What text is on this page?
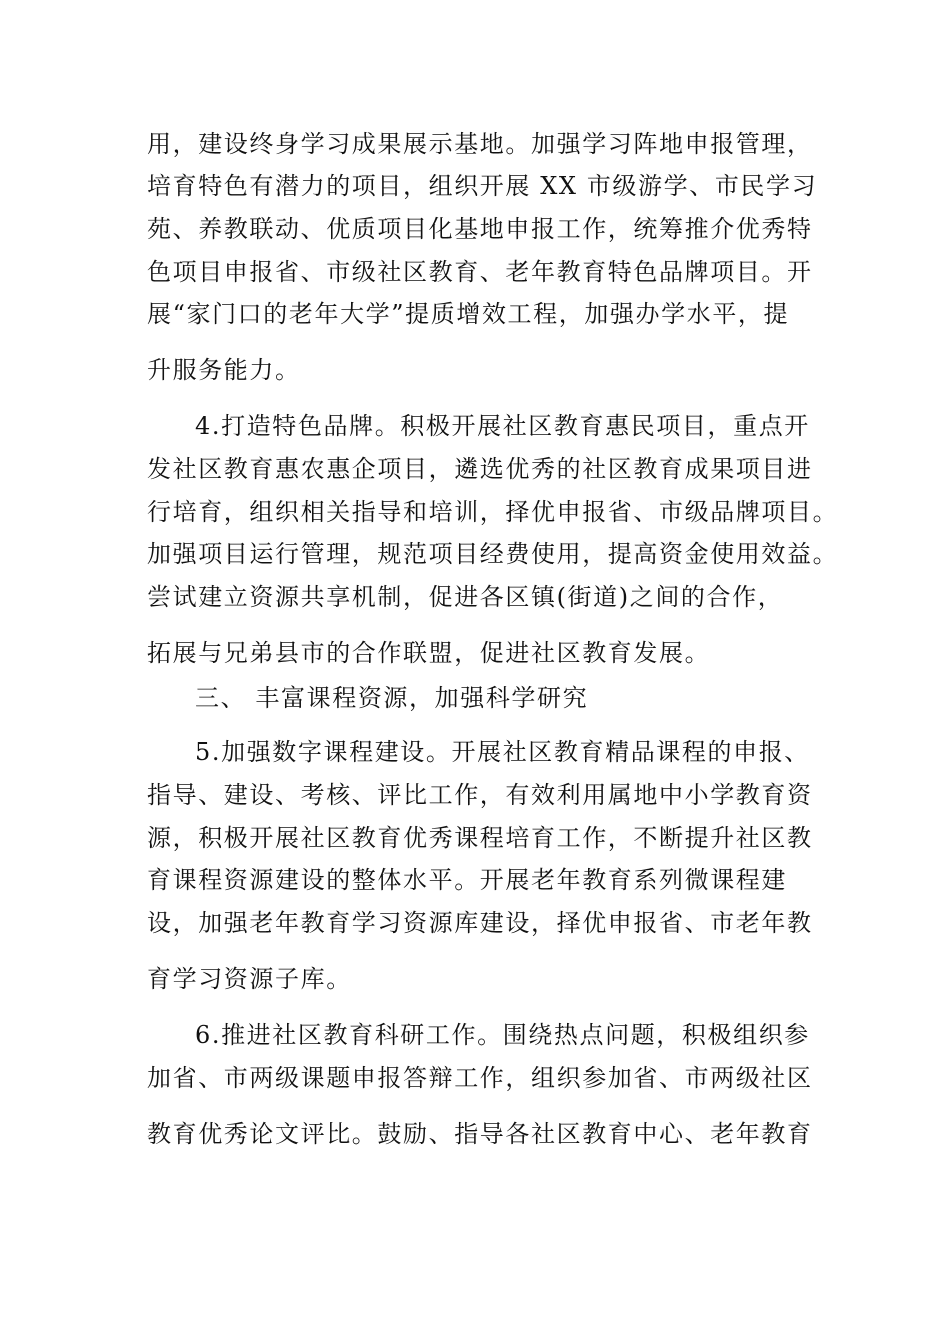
用，建设终身学习成果展示基地。加强学习阵地申报管理，
培育特色有潜力的项目，组织开展 XX 市级游学、市民学习
苑、养教联动、优质项目化基地申报工作，统筹推介优秀特
色项目申报省、市级社区教育、老年教育特色品牌项目。开
展“家门口的老年大学”提质增效工程，加强办学水平，提
升服务能力。
4.打造特色品牌。积极开展社区教育惠民项目，重点开
发社区教育惠农惠企项目，遴选优秀的社区教育成果项目进
行培育，组织相关指导和培训，择优申报省、市级品牌项目。
加强项目运行管理，规范项目经费使用，提高资金使用效益。
尝试建立资源共享机制，促进各区镇(街道)之间的合作，
拓展与兄弟县市的合作联盟，促进社区教育发展。
三、 丰富课程资源，加强科学研究
5.加强数字课程建设。开展社区教育精品课程的申报、
指导、建设、考核、评比工作，有效利用属地中小学教育资
源，积极开展社区教育优秀课程培育工作，不断提升社区教
育课程资源建设的整体水平。开展老年教育系列微课程建
设，加强老年教育学习资源库建设，择优申报省、市老年教
育学习资源子库。
6.推进社区教育科研工作。围绕热点问题，积极组织参
加省、市两级课题申报答辩工作，组织参加省、市两级社区
教育优秀论文评比。鼓励、指导各社区教育中心、老年教育
